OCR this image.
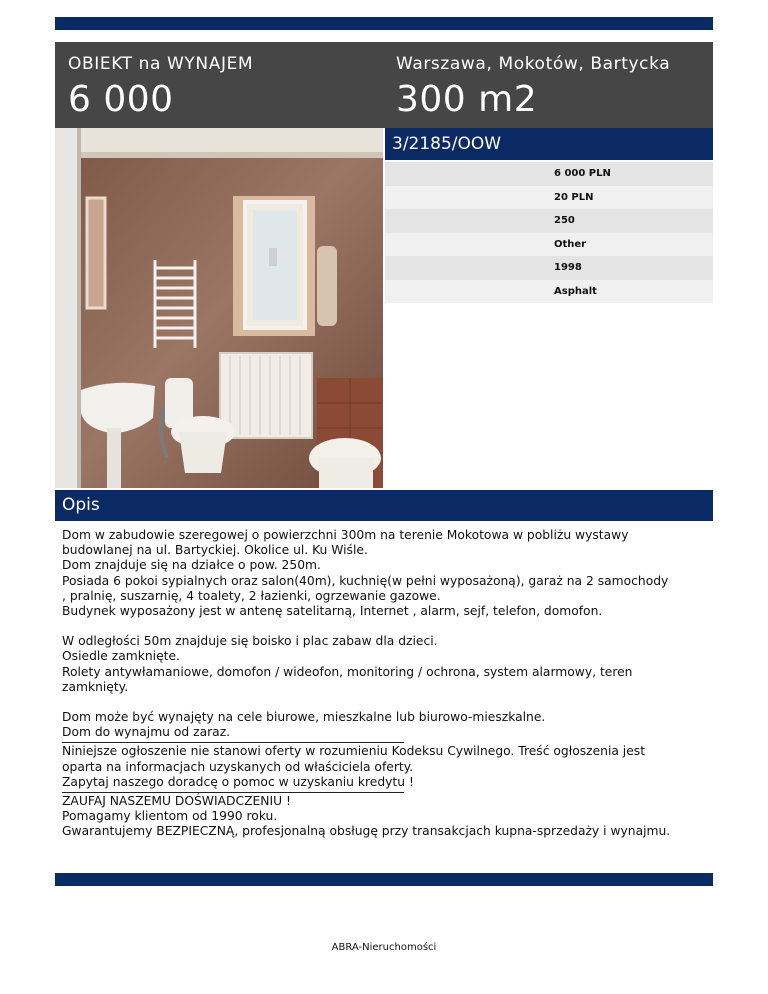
OBIEKT na WYNAJEM
6 000
Warszawa, Mokotów, Bartycka
300 m2
3/2185/OOW
6 000 PLN
20 PLN
250
Other
1998
Asphalt
Opis

Dom w zabudowie szeregowej o powierzchni 300m na terenie Mokotowa w pobliżu wystawy

budowlanej na ul. Bartyckiej. Okolice ul. Ku Wiśle.

Dom znajduje się na działce o pow. 250m.

Posiada 6 pokoi sypialnych oraz salon(40m), kuchnię(w pełni wyposażoną), garaż na 2 samochody

, pralnię, suszarnię, 4 toalety, 2 łazienki, ogrzewanie gazowe.

Budynek wyposażony jest w antenę satelitarną, Internet , alarm, sejf, telefon, domofon.

W odległości 50m znajduje się boisko i plac zabaw dla dzieci.

Osiedle zamknięte.

Rolety antywłamaniowe, domofon / wideofon, monitoring / ochrona, system alarmowy, teren

zamknięty.

Dom może być wynajęty na cele biurowe, mieszkalne lub biurowo-mieszkalne.

Dom do wynajmu od zaraz.

Niniejsze ogłoszenie nie stanowi oferty w rozumieniu Kodeksu Cywilnego. Treść ogłoszenia jest

oparta na informacjach uzyskanych od właściciela oferty.

Zapytaj naszego doradcę o pomoc w uzyskaniu kredytu !

ZAUFAJ NASZEMU DOŚWIADCZENIU !

Pomagamy klientom od 1990 roku.

Gwarantujemy BEZPIECZNĄ, profesjonalną obsługę przy transakcjach kupna-sprzedaży i wynajmu.

ABRA-Nieruchomości
